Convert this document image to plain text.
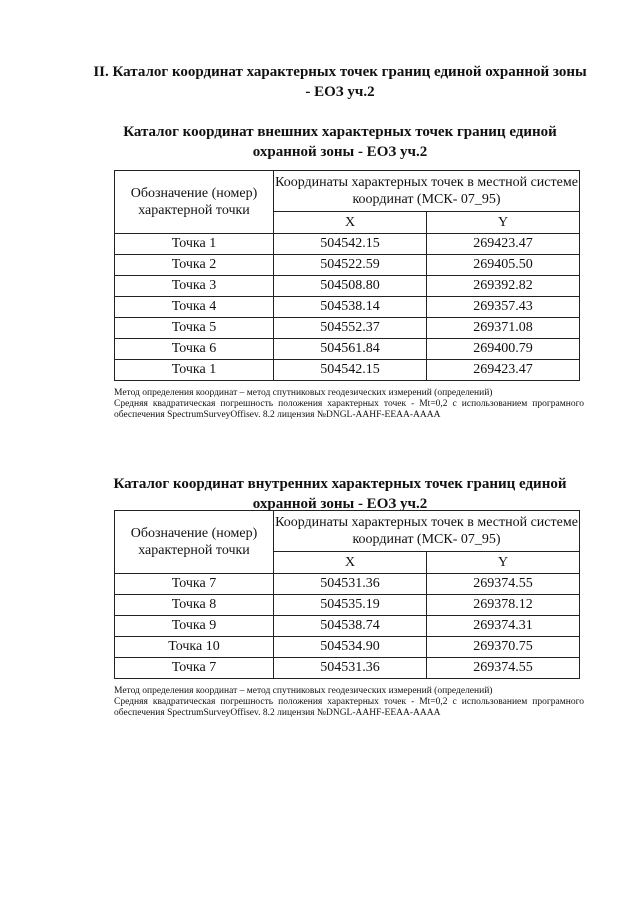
II. Каталог координат характерных точек границ единой охранной зоны
- ЕОЗ уч.2
Каталог координат внешних характерных точек границ единой
охранной зоны - ЕОЗ уч.2
Обозначение (номер) характерной точки	Координаты характерных точек в местной системе координат (МСК- 07_95)	
	X	Y
Точка 1	504542.15	269423.47
Точка 2	504522.59	269405.50
Точка 3	504508.80	269392.82
Точка 4	504538.14	269357.43
Точка 5	504552.37	269371.08
Точка 6	504561.84	269400.79
Точка 1	504542.15	269423.47

Метод определения координат – метод спутниковых геодезических измерений (определений)

Средняя квадратическая погрешность положения характерных точек - Mt=0,2 с использованием програмного обеспечения SpectrumSurveyOffisev. 8.2 лицензия №DNGL-AAHF-EEAA-AAAA

Каталог координат внутренних характерных точек границ единой
охранной зоны - ЕОЗ уч.2
Обозначение (номер) характерной точки	Координаты характерных точек в местной системе координат (МСК- 07_95)	
	X	Y
Точка 7	504531.36	269374.55
Точка 8	504535.19	269378.12
Точка 9	504538.74	269374.31
Точка 10	504534.90	269370.75
Точка 7	504531.36	269374.55

Метод определения координат – метод спутниковых геодезических измерений (определений)

Средняя квадратическая погрешность положения характерных точек - Mt=0,2 с использованием програмного обеспечения SpectrumSurveyOffisev. 8.2 лицензия №DNGL-AAHF-EEAA-AAAA
